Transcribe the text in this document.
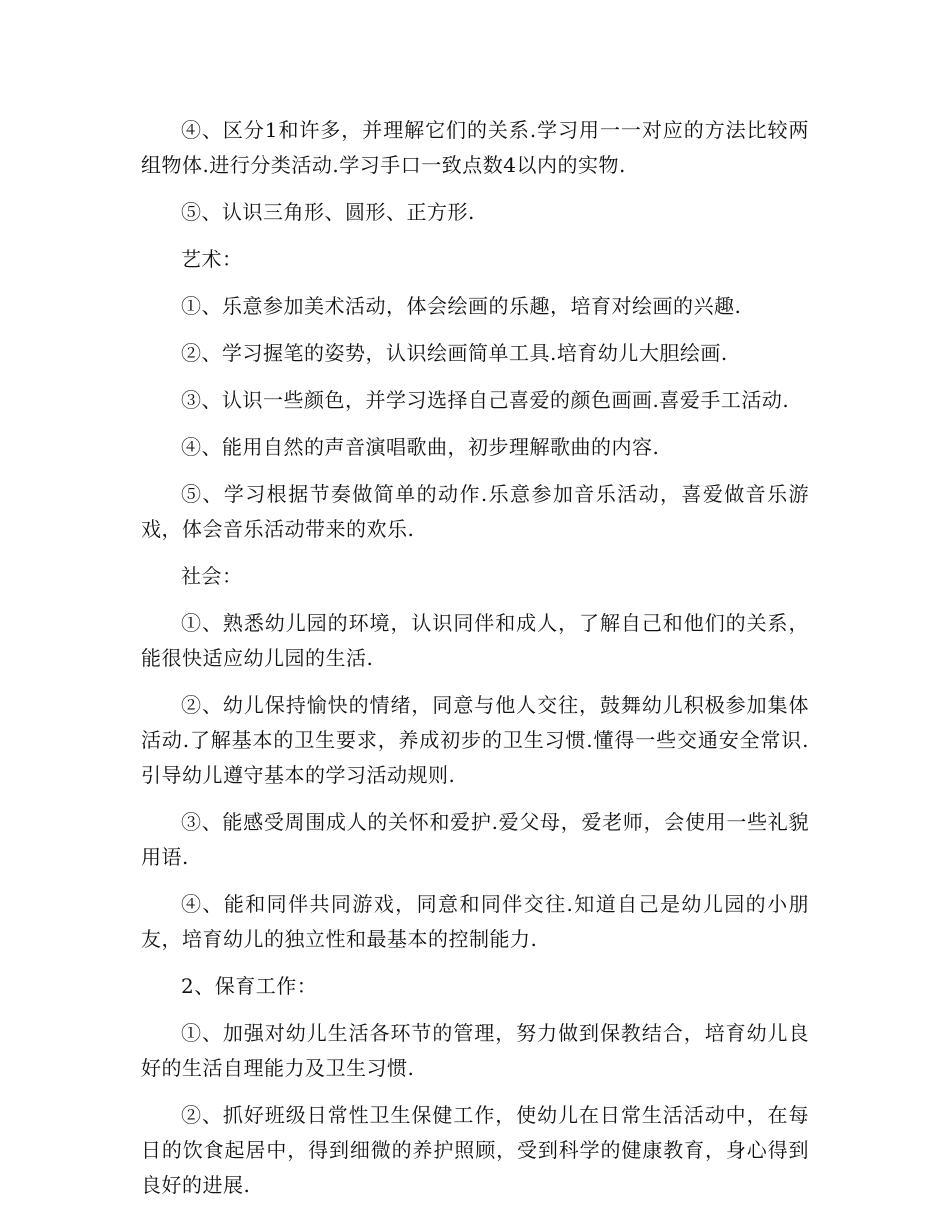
④、区分1和许多，并理解它们的关系.学习用一一对应的方法比较两组物体.进行分类活动.学习手口一致点数4以内的实物.

⑤、认识三角形、圆形、正方形.

艺术：

①、乐意参加美术活动，体会绘画的乐趣，培育对绘画的兴趣.

②、学习握笔的姿势，认识绘画简单工具.培育幼儿大胆绘画.

③、认识一些颜色，并学习选择自己喜爱的颜色画画.喜爱手工活动.

④、能用自然的声音演唱歌曲，初步理解歌曲的内容.

⑤、学习根据节奏做简单的动作.乐意参加音乐活动，喜爱做音乐游戏，体会音乐活动带来的欢乐.

社会：

①、熟悉幼儿园的环境，认识同伴和成人，了解自己和他们的关系，能很快适应幼儿园的生活.

②、幼儿保持愉快的情绪，同意与他人交往，鼓舞幼儿积极参加集体活动.了解基本的卫生要求，养成初步的卫生习惯.懂得一些交通安全常识.引导幼儿遵守基本的学习活动规则.

③、能感受周围成人的关怀和爱护.爱父母，爱老师，会使用一些礼貌用语.

④、能和同伴共同游戏，同意和同伴交往.知道自己是幼儿园的小朋友，培育幼儿的独立性和最基本的控制能力.

2、保育工作：

①、加强对幼儿生活各环节的管理，努力做到保教结合，培育幼儿良好的生活自理能力及卫生习惯.

②、抓好班级日常性卫生保健工作，使幼儿在日常生活活动中，在每日的饮食起居中，得到细微的养护照顾，受到科学的健康教育，身心得到良好的进展.
